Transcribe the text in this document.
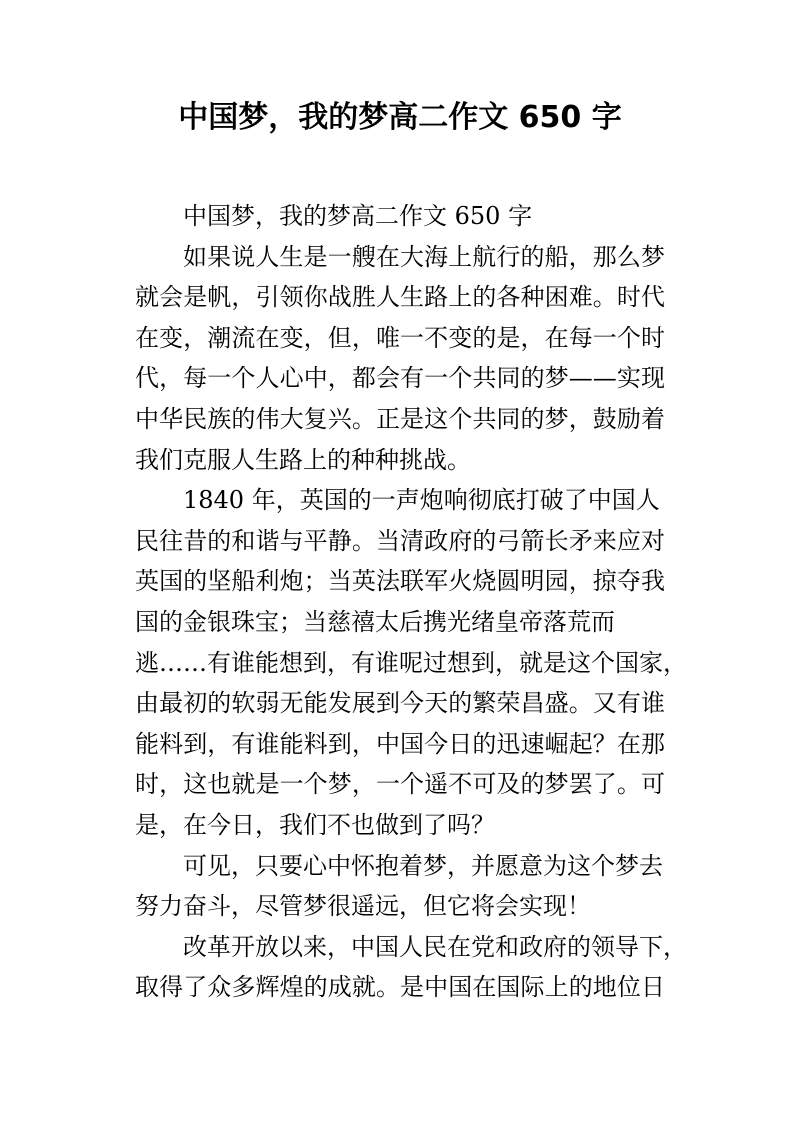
中国梦，我的梦高二作文 650 字
中国梦，我的梦高二作文 650 字
如果说人生是一艘在大海上航行的船，那么梦
就会是帆，引领你战胜人生路上的各种困难。时代
在变，潮流在变，但，唯一不变的是，在每一个时
代，每一个人心中，都会有一个共同的梦——实现
中华民族的伟大复兴。正是这个共同的梦，鼓励着
我们克服人生路上的种种挑战。
1840 年，英国的一声炮响彻底打破了中国人
民往昔的和谐与平静。当清政府的弓箭长矛来应对
英国的坚船利炮；当英法联军火烧圆明园，掠夺我
国的金银珠宝；当慈禧太后携光绪皇帝落荒而
逃……有谁能想到，有谁呢过想到，就是这个国家，
由最初的软弱无能发展到今天的繁荣昌盛。又有谁
能料到，有谁能料到，中国今日的迅速崛起？在那
时，这也就是一个梦，一个遥不可及的梦罢了。可
是，在今日，我们不也做到了吗？
可见，只要心中怀抱着梦，并愿意为这个梦去
努力奋斗，尽管梦很遥远，但它将会实现！
改革开放以来，中国人民在党和政府的领导下，
取得了众多辉煌的成就。是中国在国际上的地位日
